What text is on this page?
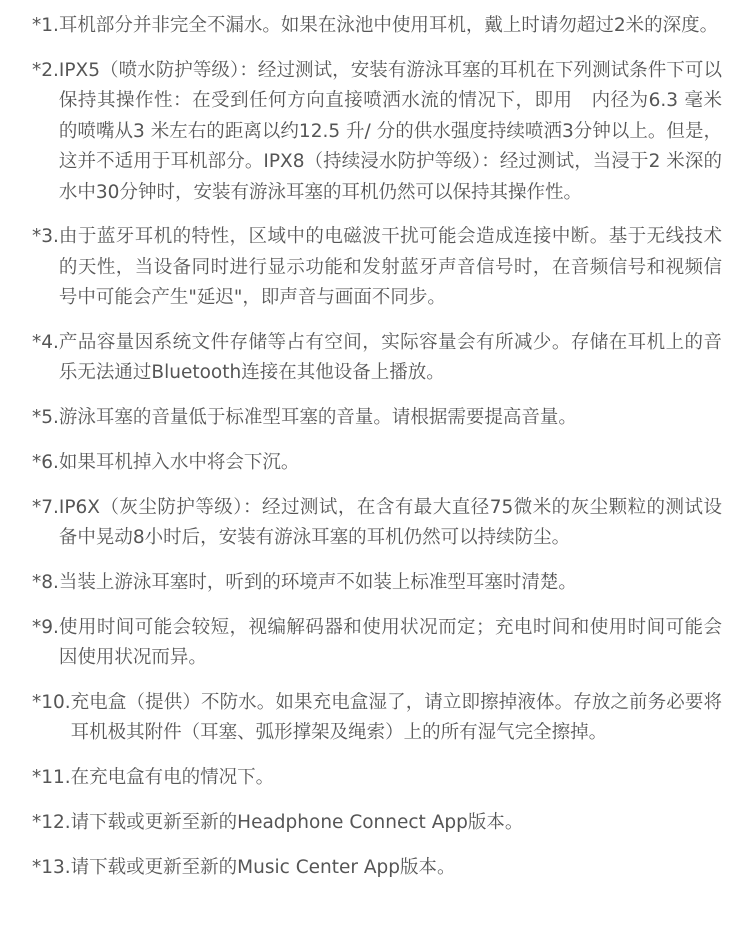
*1. 耳机部分并非完全不漏水。如果在泳池中使用耳机，戴上时请勿超过2米的深度。
*2. IPX5（喷水防护等级）：经过测试，安装有游泳耳塞的耳机在下列测试条件下可以保持其操作性：在受到任何方向直接喷洒水流的情况下，即用　内径为6.3 毫米的喷嘴从3 米左右的距离以约12.5 升/ 分的供水强度持续喷洒3分钟以上。但是，这并不适用于耳机部分。IPX8（持续浸水防护等级）：经过测试，当浸于2 米深的水中30分钟时，安装有游泳耳塞的耳机仍然可以保持其操作性。
*3. 由于蓝牙耳机的特性，区域中的电磁波干扰可能会造成连接中断。基于无线技术的天性，当设备同时进行显示功能和发射蓝牙声音信号时，在音频信号和视频信号中可能会产生"延迟"，即声音与画面不同步。
*4. 产品容量因系统文件存储等占有空间，实际容量会有所减少。存储在耳机上的音乐无法通过Bluetooth连接在其他设备上播放。
*5. 游泳耳塞的音量低于标准型耳塞的音量。请根据需要提高音量。
*6. 如果耳机掉入水中将会下沉。
*7. IP6X（灰尘防护等级）：经过测试，在含有最大直径75微米的灰尘颗粒的测试设备中晃动8小时后，安装有游泳耳塞的耳机仍然可以持续防尘。
*8. 当装上游泳耳塞时，听到的环境声不如装上标准型耳塞时清楚。
*9. 使用时间可能会较短，视编解码器和使用状况而定；充电时间和使用时间可能会因使用状况而异。
*10. 充电盒（提供）不防水。如果充电盒湿了，请立即擦掉液体。存放之前务必要将耳机极其附件（耳塞、弧形撑架及绳索）上的所有湿气完全擦掉。
*11. 在充电盒有电的情况下。
*12. 请下载或更新至新的Headphone Connect App版本。
*13. 请下载或更新至新的Music Center App版本。
